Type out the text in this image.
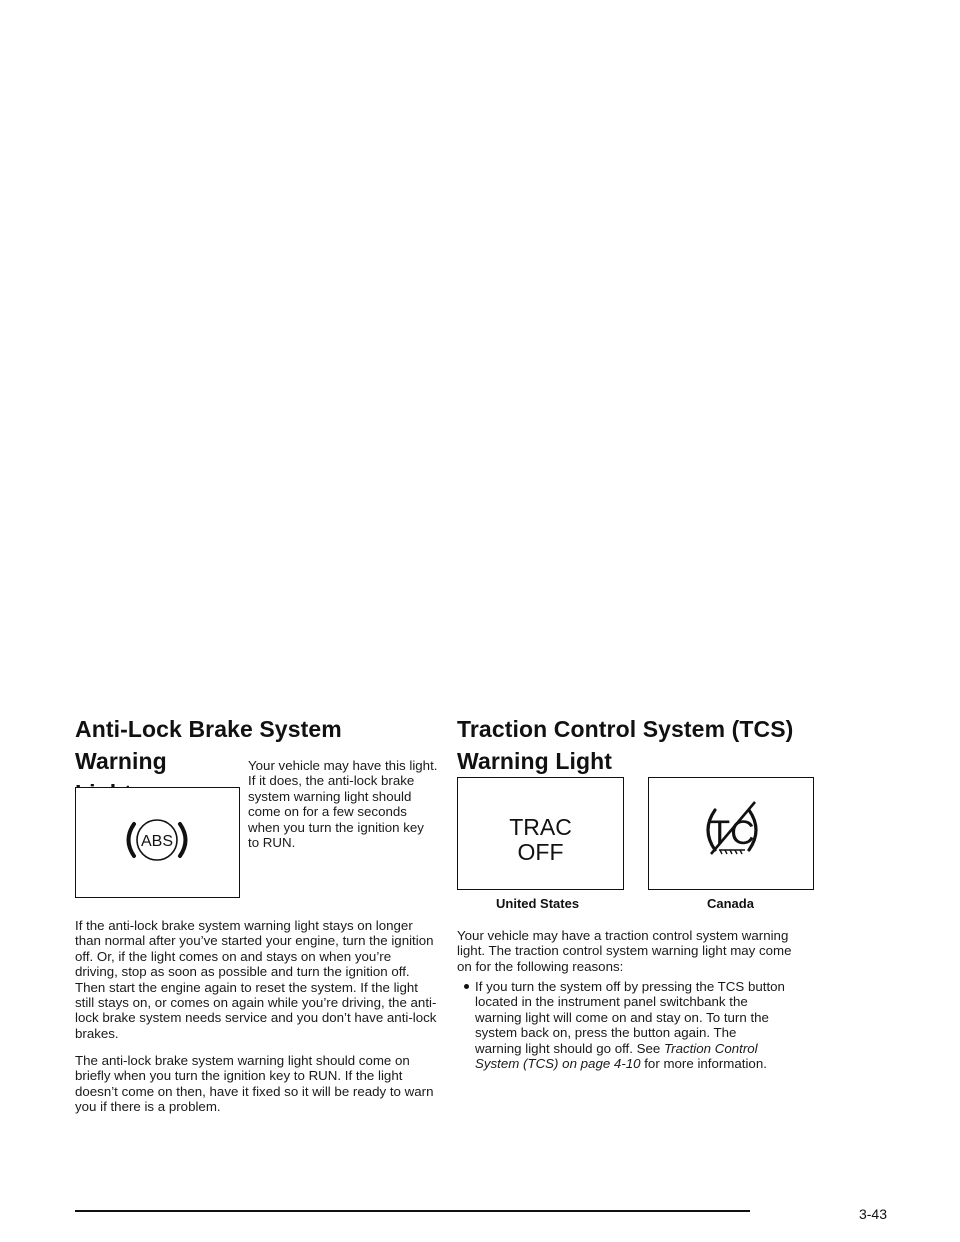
Anti-Lock Brake System Warning

ABS

Your vehicle may have this light. If it does, the anti-lock brake system warning light should come on for a few seconds when you turn the ignition key to RUN.

If the anti-lock brake system warning light stays on longer than normal after you’ve started your engine, turn the ignition off. Or, if the light comes on and stays on when you’re driving, stop as soon as possible and turn the ignition off. Then start the engine again to reset the system. If the light still stays on, or comes on again while you’re driving, the anti-lock brake system needs service and you don’t have anti-lock brakes.

The anti-lock brake system warning light should come on briefly when you turn the ignition key to RUN. If the light doesn’t come on then, have it fixed so it will be ready to warn you if there is a problem.

Traction Control System (TCS)
Warning Light
TRAC
OFF	TC
United States	Canada

Your vehicle may have a traction control system warning light. The traction control system warning light may come on for the following reasons:

If you turn the system off by pressing the TCS button located in the instrument panel switchbank the warning light will come on and stay on. To turn the system back on, press the button again. The warning light should go off. See Traction Control System (TCS) on page 4-10 for more information.

3-43
